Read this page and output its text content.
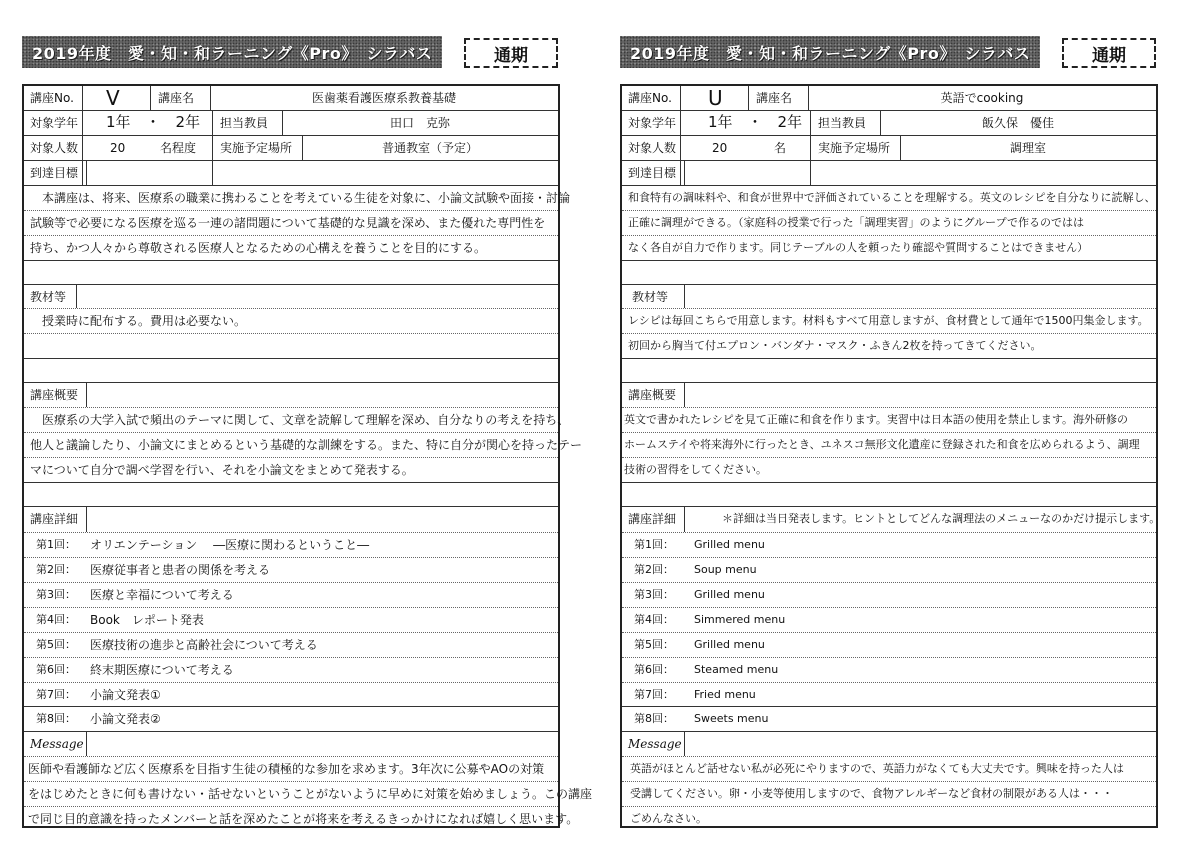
2019年度　愛・知・和ラーニング《Pro》　シラバス	通期
講座No. V	講座名	医歯薬看護医療系教養基礎
対象学年 1年　・　2年 担当教員	田口　克弥
対象人数	20	名程度 実施予定場所	普通教室（予定）
到達目標
　本講座は、将来、医療系の職業に携わることを考えている生徒を対象に、小論文試験や面接・討論
試験等で必要になる医療を巡る一連の諸問題について基礎的な見識を深め、また優れた専門性を
持ち、かつ人々から尊敬される医療人となるための心構えを養うことを目的にする。
教材等
　授業時に配布する。費用は必要ない。
講座概要
　医療系の大学入試で頻出のテーマに関して、文章を読解して理解を深め、自分なりの考えを持ち、
他人と議論したり、小論文にまとめるという基礎的な訓練をする。また、特に自分が関心を持ったテー
マについて自分で調べ学習を行い、それを小論文をまとめて発表する。
講座詳細
第1回： オリエンテーション　 ―医療に関わるということ―
第2回： 医療従事者と患者の関係を考える
第3回： 医療と幸福について考える
第4回： Book　レポート発表
第5回： 医療技術の進歩と高齢社会について考える
第6回： 終末期医療について考える
第7回： 小論文発表①
第8回： 小論文発表②
Message
医師や看護師など広く医療系を目指す生徒の積極的な参加を求めます。3年次に公募やAOの対策
をはじめたときに何も書けない・話せないということがないように早めに対策を始めましょう。この講座
で同じ目的意識を持ったメンバーと話を深めたことが将来を考えるきっかけになれば嬉しく思います。
2019年度　愛・知・和ラーニング《Pro》　シラバス	通期
講座No. U	講座名	英語でcooking
対象学年 1年　・　2年 担当教員	飯久保　優佳
対象人数	20	名	実施予定場所	調理室
到達目標
和食特有の調味料や、和食が世界中で評価されていることを理解する。英文のレシピを自分なりに読解し、
正確に調理ができる。（家庭科の授業で行った「調理実習」のようにグループで作るのではは
なく各自が自力で作ります。同じテーブルの人を頼ったり確認や質問することはできません）
教材等
レシピは毎回こちらで用意します。材料もすべて用意しますが、食材費として通年で1500円集金します。
初回から胸当て付エプロン・バンダナ・マスク・ふきん2枚を持ってきてください。
講座概要
英文で書かれたレシピを見て正確に和食を作ります。実習中は日本語の使用を禁止します。海外研修の
ホームステイや将来海外に行ったとき、ユネスコ無形文化遺産に登録された和食を広められるよう、調理
技術の習得をしてください。
講座詳細	＊詳細は当日発表します。ヒントとしてどんな調理法のメニューなのかだけ提示します。
第1回： Grilled menu
第2回： Soup menu
第3回： Grilled menu
第4回： Simmered menu
第5回： Grilled menu
第6回： Steamed menu
第7回： Fried menu
第8回： Sweets menu
Message
英語がほとんど話せない私が必死にやりますので、英語力がなくても大丈夫です。興味を持った人は
受講してください。卵・小麦等使用しますので、食物アレルギーなど食材の制限がある人は・・・
ごめんなさい。
